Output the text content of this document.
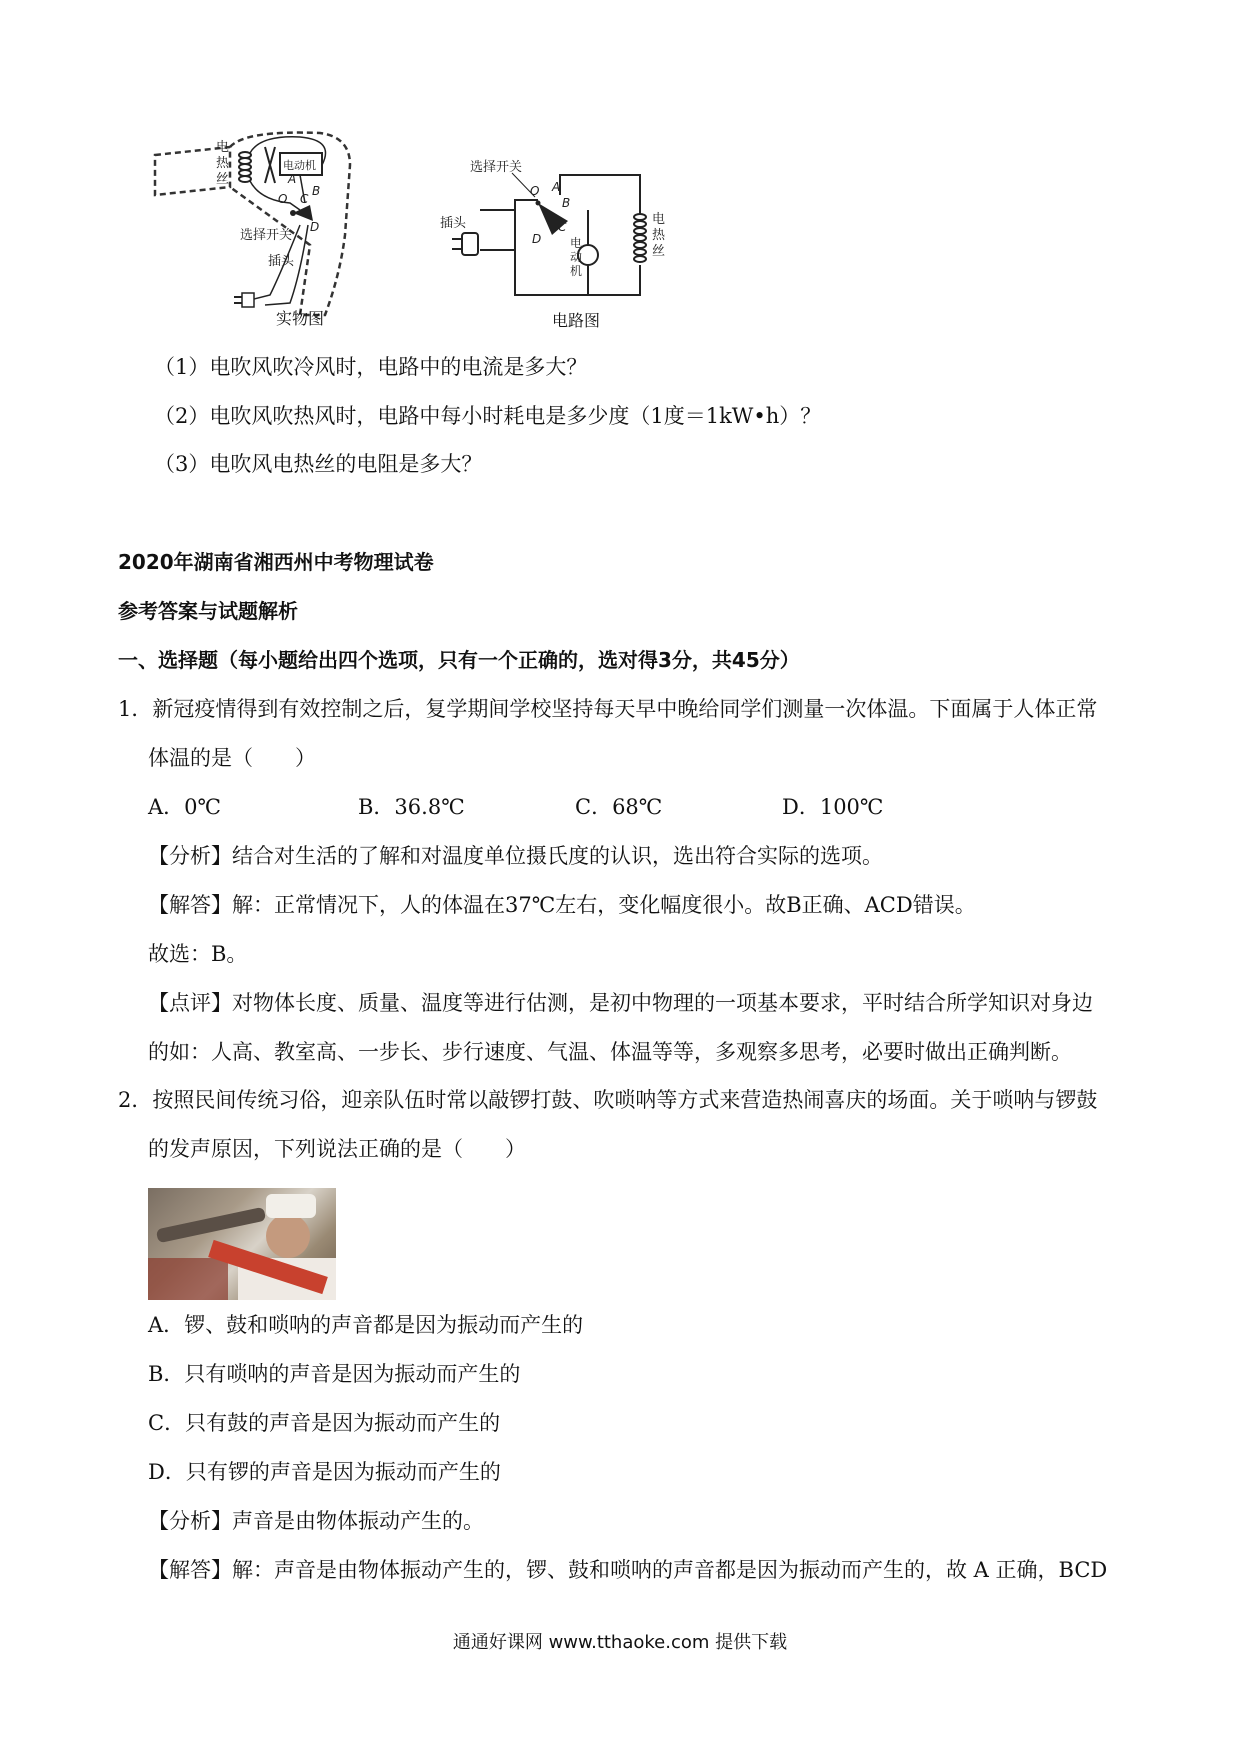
电动机
A
B
C
O
D
电
热
丝
选择开关
插头
实物图
电
热
丝
电
动
机
O A
B
C
D
选择开关
插头
电路图
（1）电吹风吹冷风时，电路中的电流是多大？
（2）电吹风吹热风时，电路中每小时耗电是多少度（1度＝1kW•h）？
（3）电吹风电热丝的电阻是多大？
2020年湖南省湘西州中考物理试卷
参考答案与试题解析
一、选择题（每小题给出四个选项，只有一个正确的，选对得3分，共45分）
1．新冠疫情得到有效控制之后，复学期间学校坚持每天早中晚给同学们测量一次体温。下面属于人体正常
体温的是（　　）
A．0℃	B．36.8℃	C．68℃	D．100℃
【分析】结合对生活的了解和对温度单位摄氏度的认识，选出符合实际的选项。
【解答】解：正常情况下，人的体温在37℃左右，变化幅度很小。故B正确、ACD错误。
故选：B。
【点评】对物体长度、质量、温度等进行估测，是初中物理的一项基本要求，平时结合所学知识对身边
的如：人高、教室高、一步长、步行速度、气温、体温等等，多观察多思考，必要时做出正确判断。
2．按照民间传统习俗，迎亲队伍时常以敲锣打鼓、吹唢呐等方式来营造热闹喜庆的场面。关于唢呐与锣鼓
的发声原因，下列说法正确的是（　　）
A．锣、鼓和唢呐的声音都是因为振动而产生的
B．只有唢呐的声音是因为振动而产生的
C．只有鼓的声音是因为振动而产生的
D．只有锣的声音是因为振动而产生的
【分析】声音是由物体振动产生的。
【解答】解：声音是由物体振动产生的，锣、鼓和唢呐的声音都是因为振动而产生的，故 A 正确，BCD
通通好课网 www.tthaoke.com 提供下载
